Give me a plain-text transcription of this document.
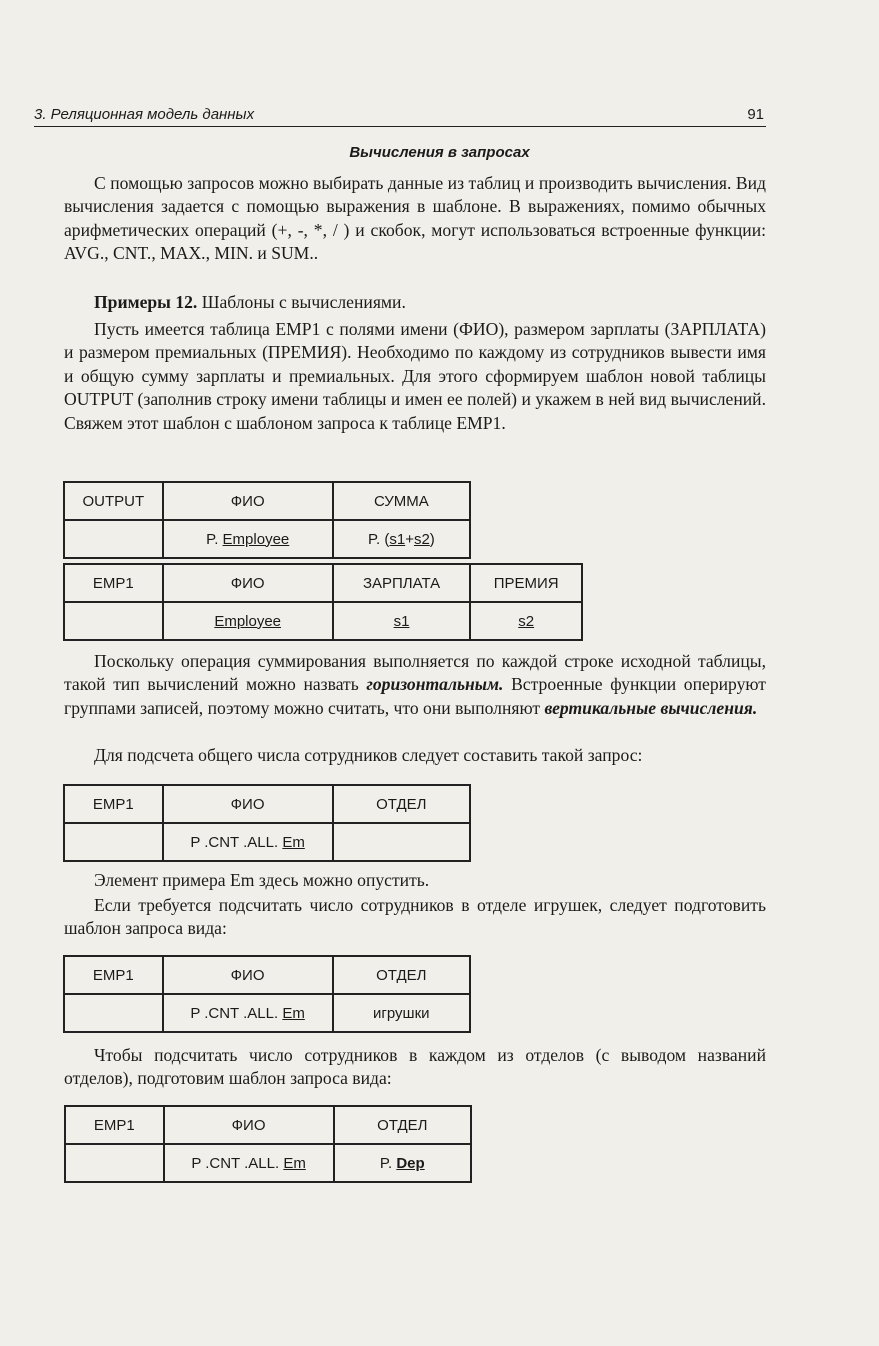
3. Реляционная модель данных	91
Вычисления в запросах
С помощью запросов можно выбирать данные из таблиц и производить вычисления. Вид вычисления задается с помощью выражения в шаблоне. В выражениях, помимо обычных арифметических операций (+, -, *, / ) и скобок, могут использоваться встроенные функции: AVG., CNT., MAX., MIN. и SUM..
Примеры 12. Шаблоны с вычислениями.
Пусть имеется таблица EMP1 с полями имени (ФИО), размером зарплаты (ЗАРПЛАТА) и размером премиальных (ПРЕМИЯ). Необходимо по каждому из сотрудников вывести имя и общую сумму зарплаты и премиальных. Для этого сформируем шаблон новой таблицы OUTPUT (заполнив строку имени таблицы и имен ее полей) и укажем в ней вид вычислений. Свяжем этот шаблон с шаблоном запроса к таблице EMP1.
OUTPUT	ФИО	СУММА
	P. Employee	P. (s1+s2)
EMP1	ФИО	ЗАРПЛАТА	ПРЕМИЯ
	Employee	s1	s2
Поскольку операция суммирования выполняется по каждой строке исходной таблицы, такой тип вычислений можно назвать горизонтальным. Встроенные функции оперируют группами записей, поэтому можно считать, что они выполняют вертикальные вычисления.
Для подсчета общего числа сотрудников следует составить такой запрос:
EMP1	ФИО	ОТДЕЛ
	P .CNT .ALL. Em	
Элемент примера Em здесь можно опустить.
Если требуется подсчитать число сотрудников в отделе игрушек, следует подготовить шаблон запроса вида:
EMP1	ФИО	ОТДЕЛ
	P .CNT .ALL. Em	игрушки
Чтобы подсчитать число сотрудников в каждом из отделов (с выводом названий отделов), подготовим шаблон запроса вида:
EMP1	ФИО	ОТДЕЛ
	P .CNT .ALL. Em	P. Dep
